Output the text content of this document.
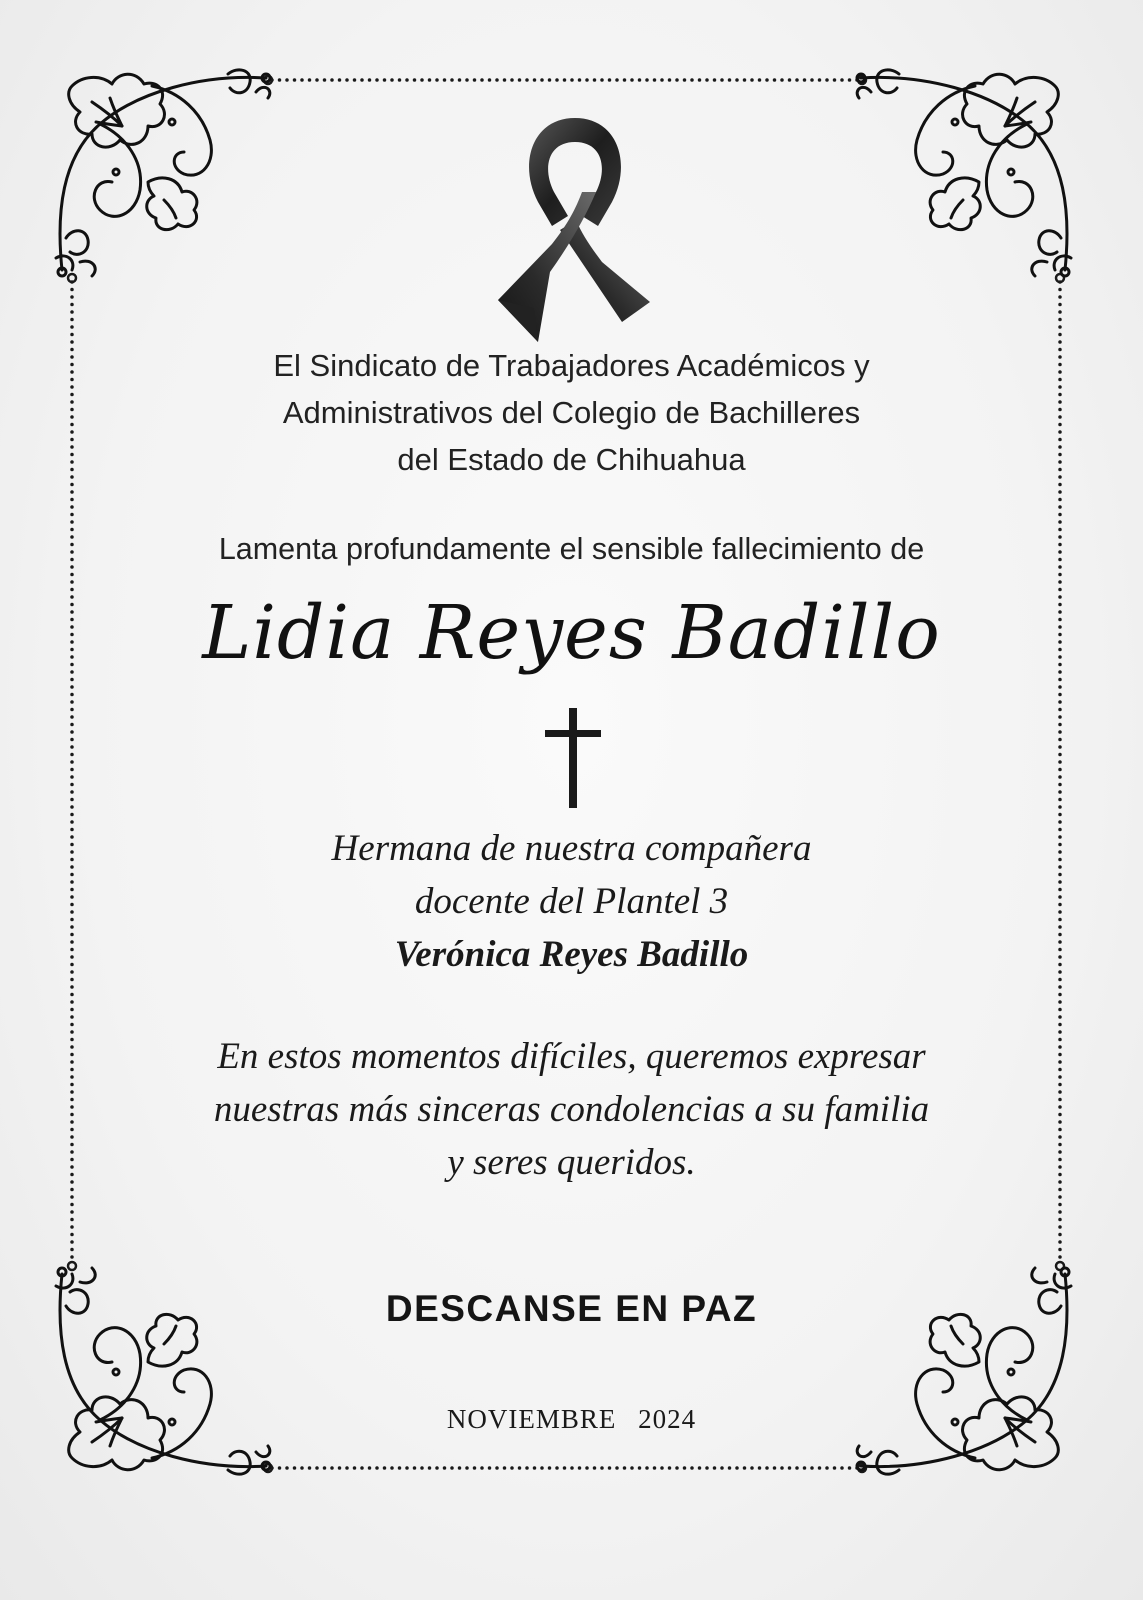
El Sindicato de Trabajadores Académicos y
Administrativos del Colegio de Bachilleres
del Estado de Chihuahua

Lamenta profundamente el sensible fallecimiento de

Lidia Reyes Badillo

Hermana de nuestra compañera
docente del Plantel 3
Verónica Reyes Badillo
En estos momentos difíciles, queremos expresar
nuestras más sinceras condolencias a su familia
y seres queridos.

DESCANSE EN PAZ

NOVIEMBRE 2024
